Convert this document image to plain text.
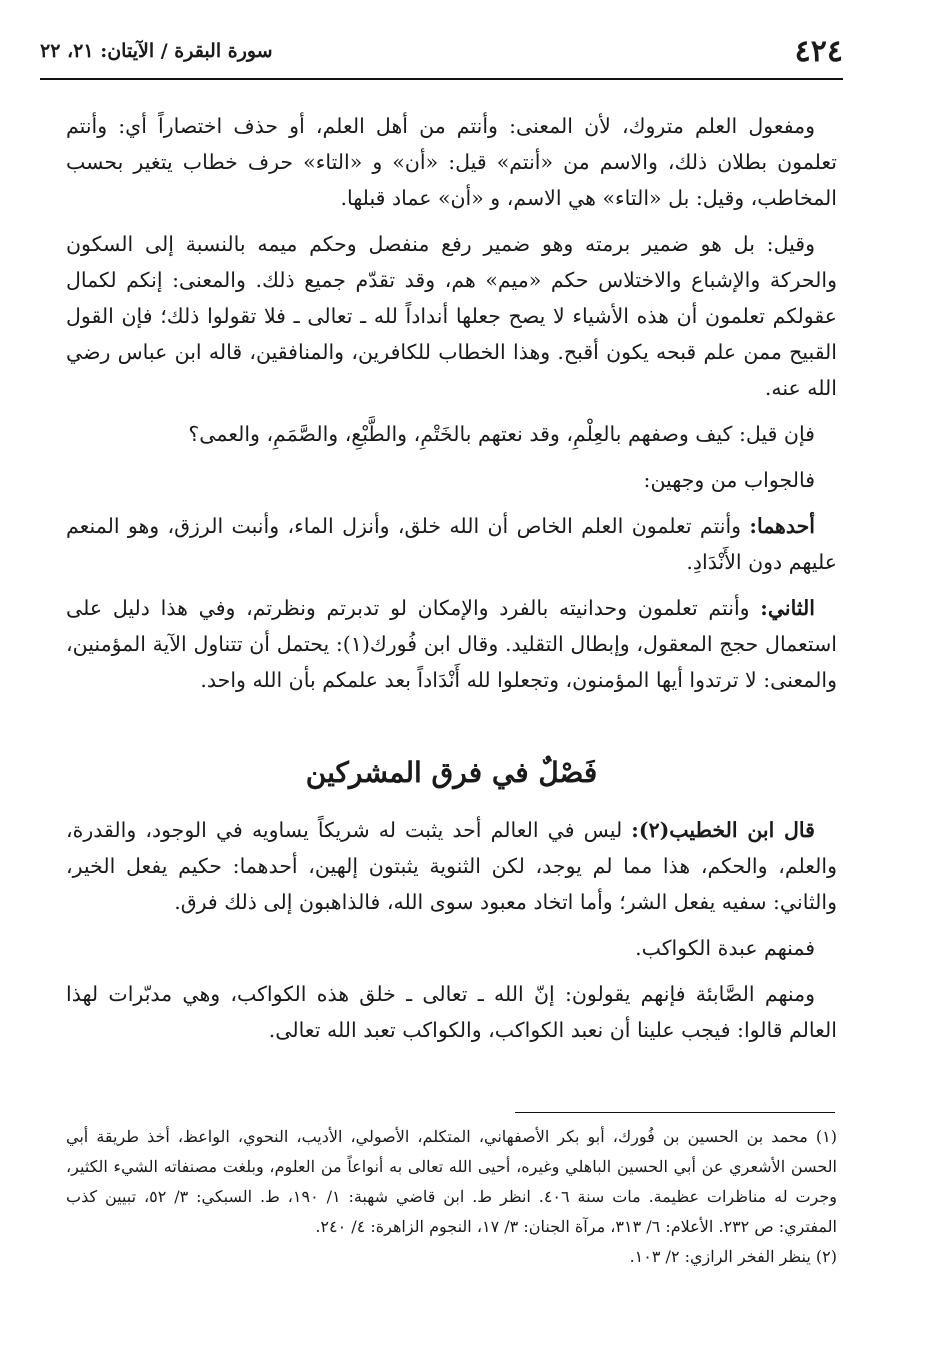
٤٢٤
سورة البقرة / الآيتان: ٢١، ٢٢

ومفعول العلم متروك، لأن المعنى: وأنتم من أهل العلم، أو حذف اختصاراً أي: وأنتم تعلمون بطلان ذلك، والاسم من «أنتم» قيل: «أن» و «التاء» حرف خطاب يتغير بحسب المخاطب، وقيل: بل «التاء» هي الاسم، و «أن» عماد قبلها.

وقيل: بل هو ضمير برمته وهو ضمير رفع منفصل وحكم ميمه بالنسبة إلى السكون والحركة والإشباع والاختلاس حكم «ميم» هم، وقد تقدّم جميع ذلك. والمعنى: إنكم لكمال عقولكم تعلمون أن هذه الأشياء لا يصح جعلها أنداداً لله ـ تعالى ـ فلا تقولوا ذلك؛ فإن القول القبيح ممن علم قبحه يكون أقبح. وهذا الخطاب للكافرين، والمنافقين، قاله ابن عباس رضي الله عنه.

فإن قيل: كيف وصفهم بالعِلْمِ، وقد نعتهم بالخَتْمِ، والطَّبْعِ، والصَّمَمِ، والعمى؟

فالجواب من وجهين:

أحدهما: وأنتم تعلمون العلم الخاص أن الله خلق، وأنزل الماء، وأنبت الرزق، وهو المنعم عليهم دون الأَنْدَادِ.

الثاني: وأنتم تعلمون وحدانيته بالفرد والإمكان لو تدبرتم ونظرتم، وفي هذا دليل على استعمال حجج المعقول، وإبطال التقليد. وقال ابن فُورك(١): يحتمل أن تتناول الآية المؤمنين، والمعنى: لا ترتدوا أيها المؤمنون، وتجعلوا لله أَنْدَاداً بعد علمكم بأن الله واحد.

فَصْلٌ في فرق المشركين

قال ابن الخطيب(٢): ليس في العالم أحد يثبت له شريكاً يساويه في الوجود، والقدرة، والعلم، والحكم، هذا مما لم يوجد، لكن الثنوية يثبتون إلهين، أحدهما: حكيم يفعل الخير، والثاني: سفيه يفعل الشر؛ وأما اتخاد معبود سوى الله، فالذاهبون إلى ذلك فرق.

فمنهم عبدة الكواكب.

ومنهم الصَّابئة فإنهم يقولون: إنّ الله ـ تعالى ـ خلق هذه الكواكب، وهي مدبّرات لهذا العالم قالوا: فيجب علينا أن نعبد الكواكب، والكواكب تعبد الله تعالى.

(١) محمد بن الحسين بن فُورك، أبو بكر الأصفهاني، المتكلم، الأصولي، الأديب، النحوي، الواعظ، أخذ طريقة أبي الحسن الأشعري عن أبي الحسين الباهلي وغيره، أحيى الله تعالى به أنواعاً من العلوم، وبلغت مصنفاته الشيء الكثير، وجرت له مناظرات عظيمة. مات سنة ٤٠٦. انظر ط. ابن قاضي شهبة: ١/ ١٩٠، ط. السبكي: ٣/ ٥٢، تبيين كذب المفتري: ص ٢٣٢. الأعلام: ٦/ ٣١٣، مرآة الجنان: ٣/ ١٧، النجوم الزاهرة: ٤/ ٢٤٠.

(٢) ينظر الفخر الرازي: ٢/ ١٠٣.
